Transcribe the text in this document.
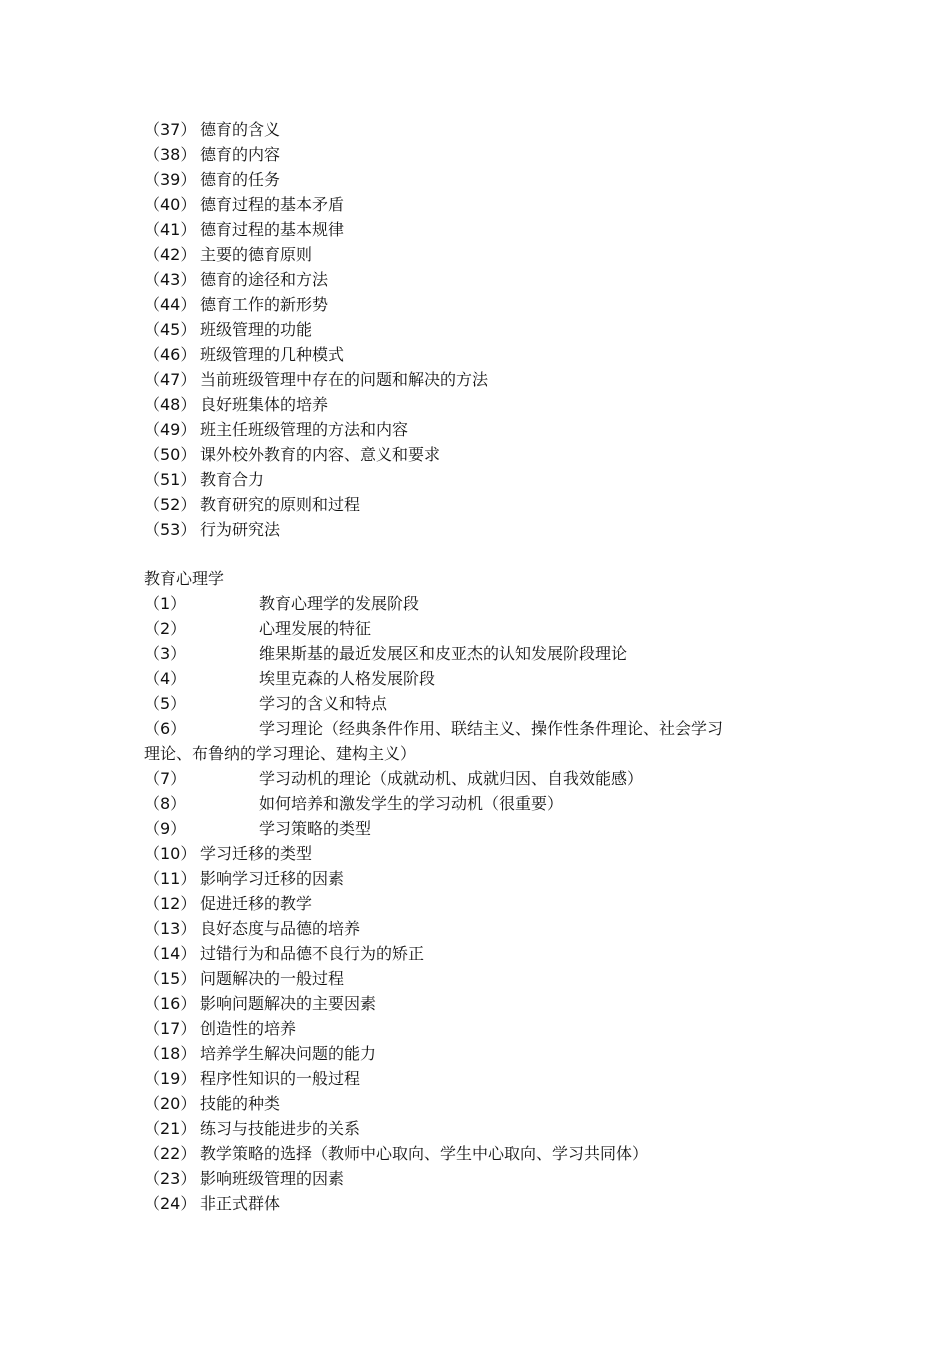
（37） 德育的含义
（38） 德育的内容
（39） 德育的任务
（40） 德育过程的基本矛盾
（41） 德育过程的基本规律
（42） 主要的德育原则
（43） 德育的途径和方法
（44） 德育工作的新形势
（45） 班级管理的功能
（46） 班级管理的几种模式
（47） 当前班级管理中存在的问题和解决的方法
（48） 良好班集体的培养
（49） 班主任班级管理的方法和内容
（50） 课外校外教育的内容、意义和要求
（51） 教育合力
（52） 教育研究的原则和过程
（53） 行为研究法
教育心理学
（1）	教育心理学的发展阶段
（2）	心理发展的特征
（3）	维果斯基的最近发展区和皮亚杰的认知发展阶段理论
（4）	埃里克森的人格发展阶段
（5）	学习的含义和特点
（6）	学习理论（经典条件作用、联结主义、操作性条件理论、社会学习
理论、布鲁纳的学习理论、建构主义）
（7）	学习动机的理论（成就动机、成就归因、自我效能感）
（8）	如何培养和激发学生的学习动机（很重要）
（9）	学习策略的类型
（10） 学习迁移的类型
（11） 影响学习迁移的因素
（12） 促进迁移的教学
（13） 良好态度与品德的培养
（14） 过错行为和品德不良行为的矫正
（15） 问题解决的一般过程
（16） 影响问题解决的主要因素
（17） 创造性的培养
（18） 培养学生解决问题的能力
（19） 程序性知识的一般过程
（20） 技能的种类
（21） 练习与技能进步的关系
（22） 教学策略的选择（教师中心取向、学生中心取向、学习共同体）
（23） 影响班级管理的因素
（24） 非正式群体
